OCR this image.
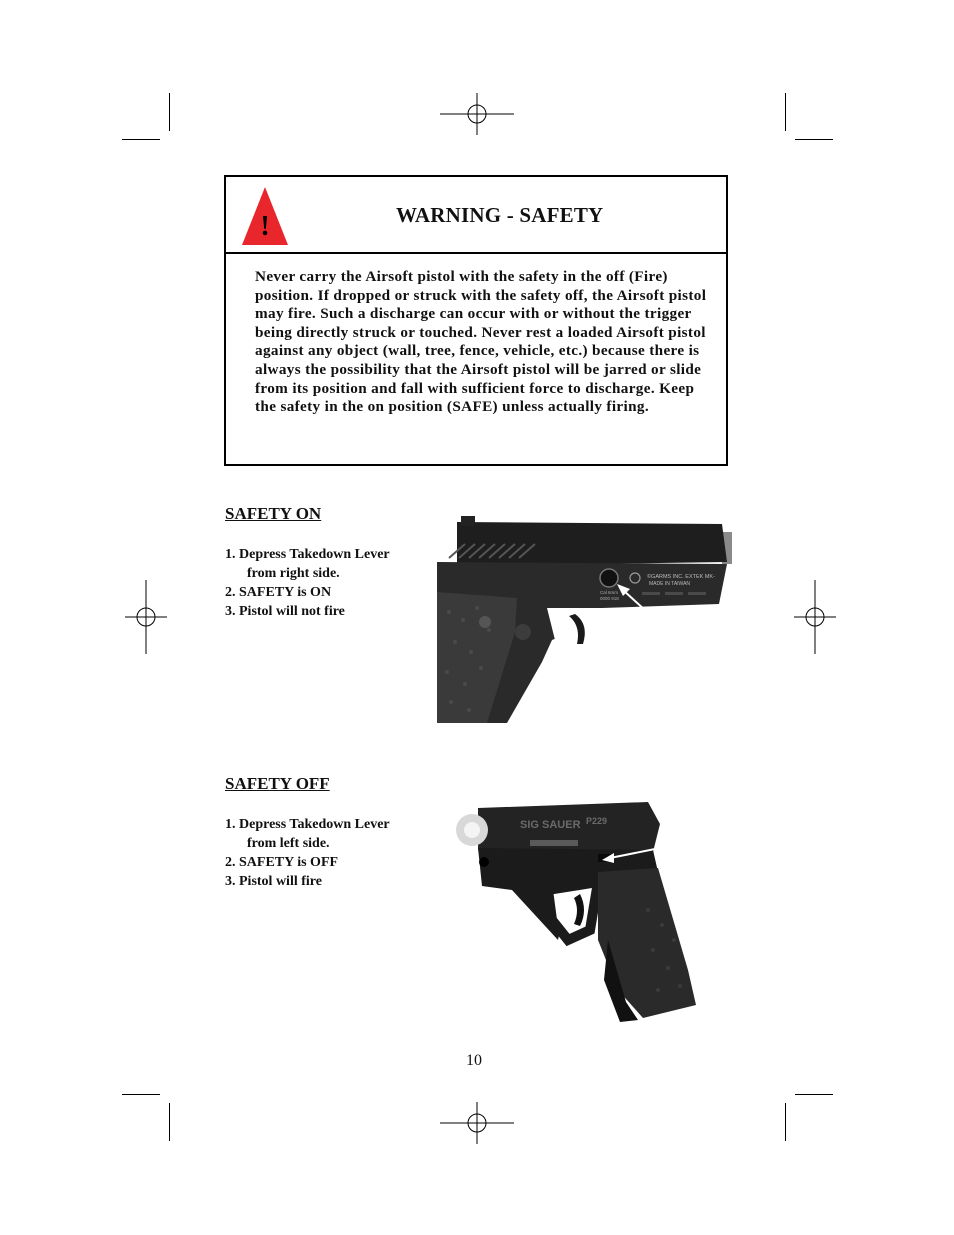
!	WARNING - SAFETY

Never carry the Airsoft pistol with the safety in the off (Fire) position. If dropped or struck with the safety off, the Airsoft pistol may fire. Such a discharge can occur with or without the trigger being directly struck or touched. Never rest a loaded Airsoft pistol against any object (wall, tree, fence, vehicle, etc.) because there is always the possibility that the Airsoft pistol will be jarred or slide from its position and fall with sufficient force to discharge. Keep the safety in the on position (SAFE) unless actually firing.

SAFETY ON
1. Depress Takedown Lever
from right side.
2. SAFETY is ON
3. Pistol will not fire
©GARMS INC. EXTEK MK-
MADE IN TAIWAN
Cal 6mm
0000 918
SAFETY OFF
1. Depress Takedown Lever
from left side.
2. SAFETY is OFF
3. Pistol will fire
SIG SAUER P229
10
